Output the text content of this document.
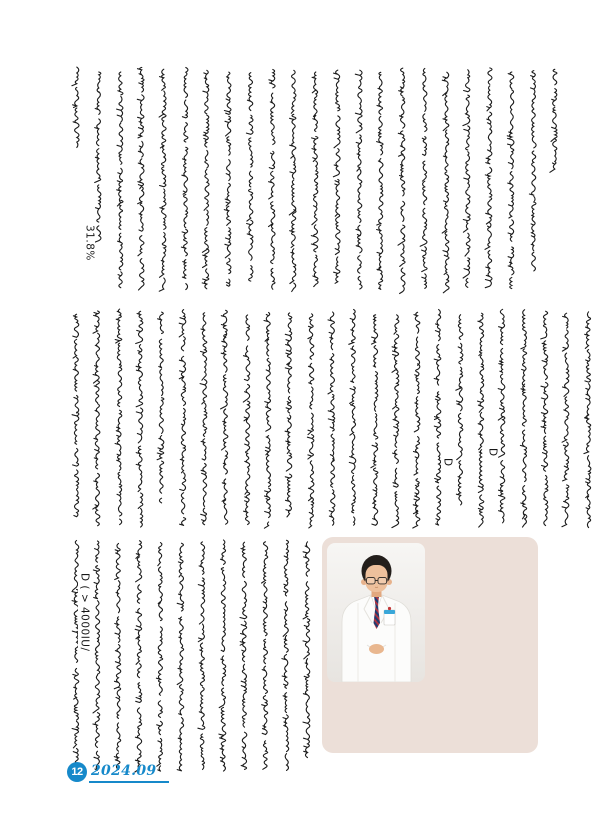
31.8%
D
D
D ( > 4000IU/
12 2024.09
